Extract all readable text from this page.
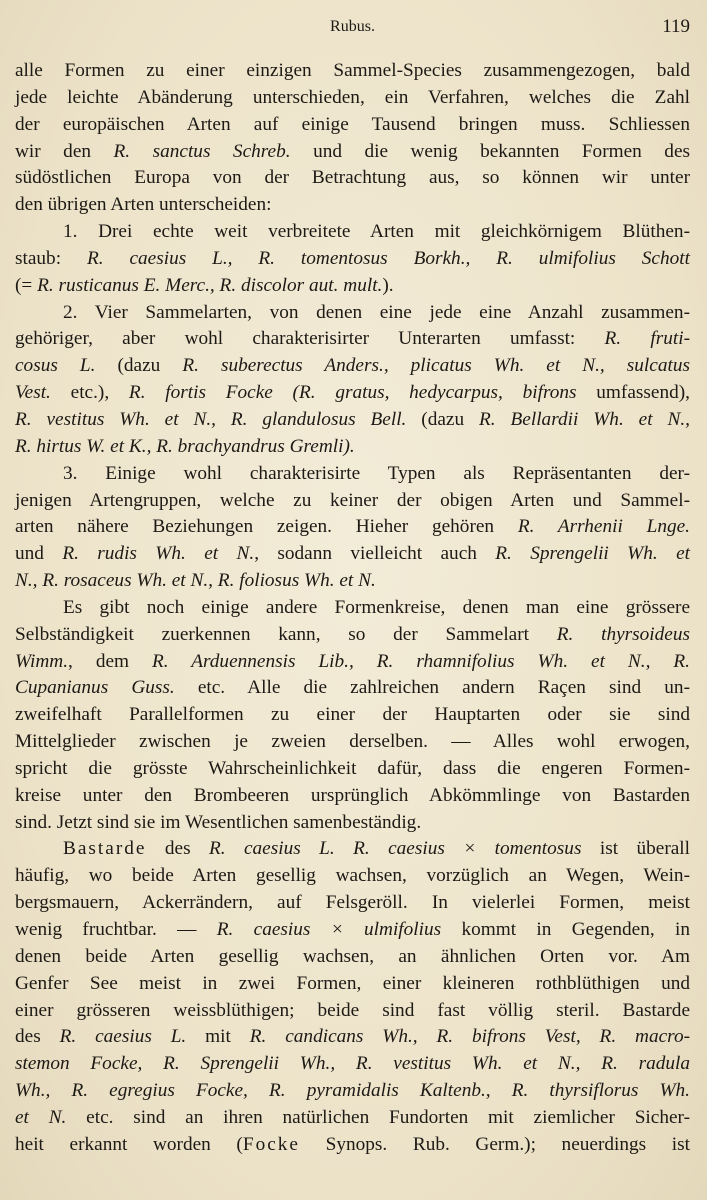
Rubus.	119
alle Formen zu einer einzigen Sammel-Species zusammengezogen, bald
jede leichte Abänderung unterschieden, ein Verfahren, welches die Zahl
der europäischen Arten auf einige Tausend bringen muss. Schliessen
wir den R. sanctus Schreb. und die wenig bekannten Formen des
südöstlichen Europa von der Betrachtung aus, so können wir unter
den übrigen Arten unterscheiden:
1. Drei echte weit verbreitete Arten mit gleichkörnigem Blüthen-
staub: R. caesius L., R. tomentosus Borkh., R. ulmifolius Schott
(= R. rusticanus E. Merc., R. discolor aut. mult.).
2. Vier Sammelarten, von denen eine jede eine Anzahl zusammen-
gehöriger, aber wohl charakterisirter Unterarten umfasst: R. fruti-
cosus L. (dazu R. suberectus Anders., plicatus Wh. et N., sulcatus
Vest. etc.), R. fortis Focke (R. gratus, hedycarpus, bifrons umfassend),
R. vestitus Wh. et N., R. glandulosus Bell. (dazu R. Bellardii Wh. et N.,
R. hirtus W. et K., R. brachyandrus Gremli).
3. Einige wohl charakterisirte Typen als Repräsentanten der-
jenigen Artengruppen, welche zu keiner der obigen Arten und Sammel-
arten nähere Beziehungen zeigen. Hieher gehören R. Arrhenii Lnge.
und R. rudis Wh. et N., sodann vielleicht auch R. Sprengelii Wh. et
N., R. rosaceus Wh. et N., R. foliosus Wh. et N.
Es gibt noch einige andere Formenkreise, denen man eine grössere
Selbständigkeit zuerkennen kann, so der Sammelart R. thyrsoideus
Wimm., dem R. Arduennensis Lib., R. rhamnifolius Wh. et N., R.
Cupanianus Guss. etc. Alle die zahlreichen andern Raçen sind un-
zweifelhaft Parallelformen zu einer der Hauptarten oder sie sind
Mittelglieder zwischen je zweien derselben. — Alles wohl erwogen,
spricht die grösste Wahrscheinlichkeit dafür, dass die engeren Formen-
kreise unter den Brombeeren ursprünglich Abkömmlinge von Bastarden
sind. Jetzt sind sie im Wesentlichen samenbeständig.
Bastarde des R. caesius L. R. caesius × tomentosus ist überall
häufig, wo beide Arten gesellig wachsen, vorzüglich an Wegen, Wein-
bergsmauern, Ackerrändern, auf Felsgeröll. In vielerlei Formen, meist
wenig fruchtbar. — R. caesius × ulmifolius kommt in Gegenden, in
denen beide Arten gesellig wachsen, an ähnlichen Orten vor. Am
Genfer See meist in zwei Formen, einer kleineren rothblüthigen und
einer grösseren weissblüthigen; beide sind fast völlig steril. Bastarde
des R. caesius L. mit R. candicans Wh., R. bifrons Vest, R. macro-
stemon Focke, R. Sprengelii Wh., R. vestitus Wh. et N., R. radula
Wh., R. egregius Focke, R. pyramidalis Kaltenb., R. thyrsiflorus Wh.
et N. etc. sind an ihren natürlichen Fundorten mit ziemlicher Sicher-
heit erkannt worden (Focke Synops. Rub. Germ.); neuerdings ist
